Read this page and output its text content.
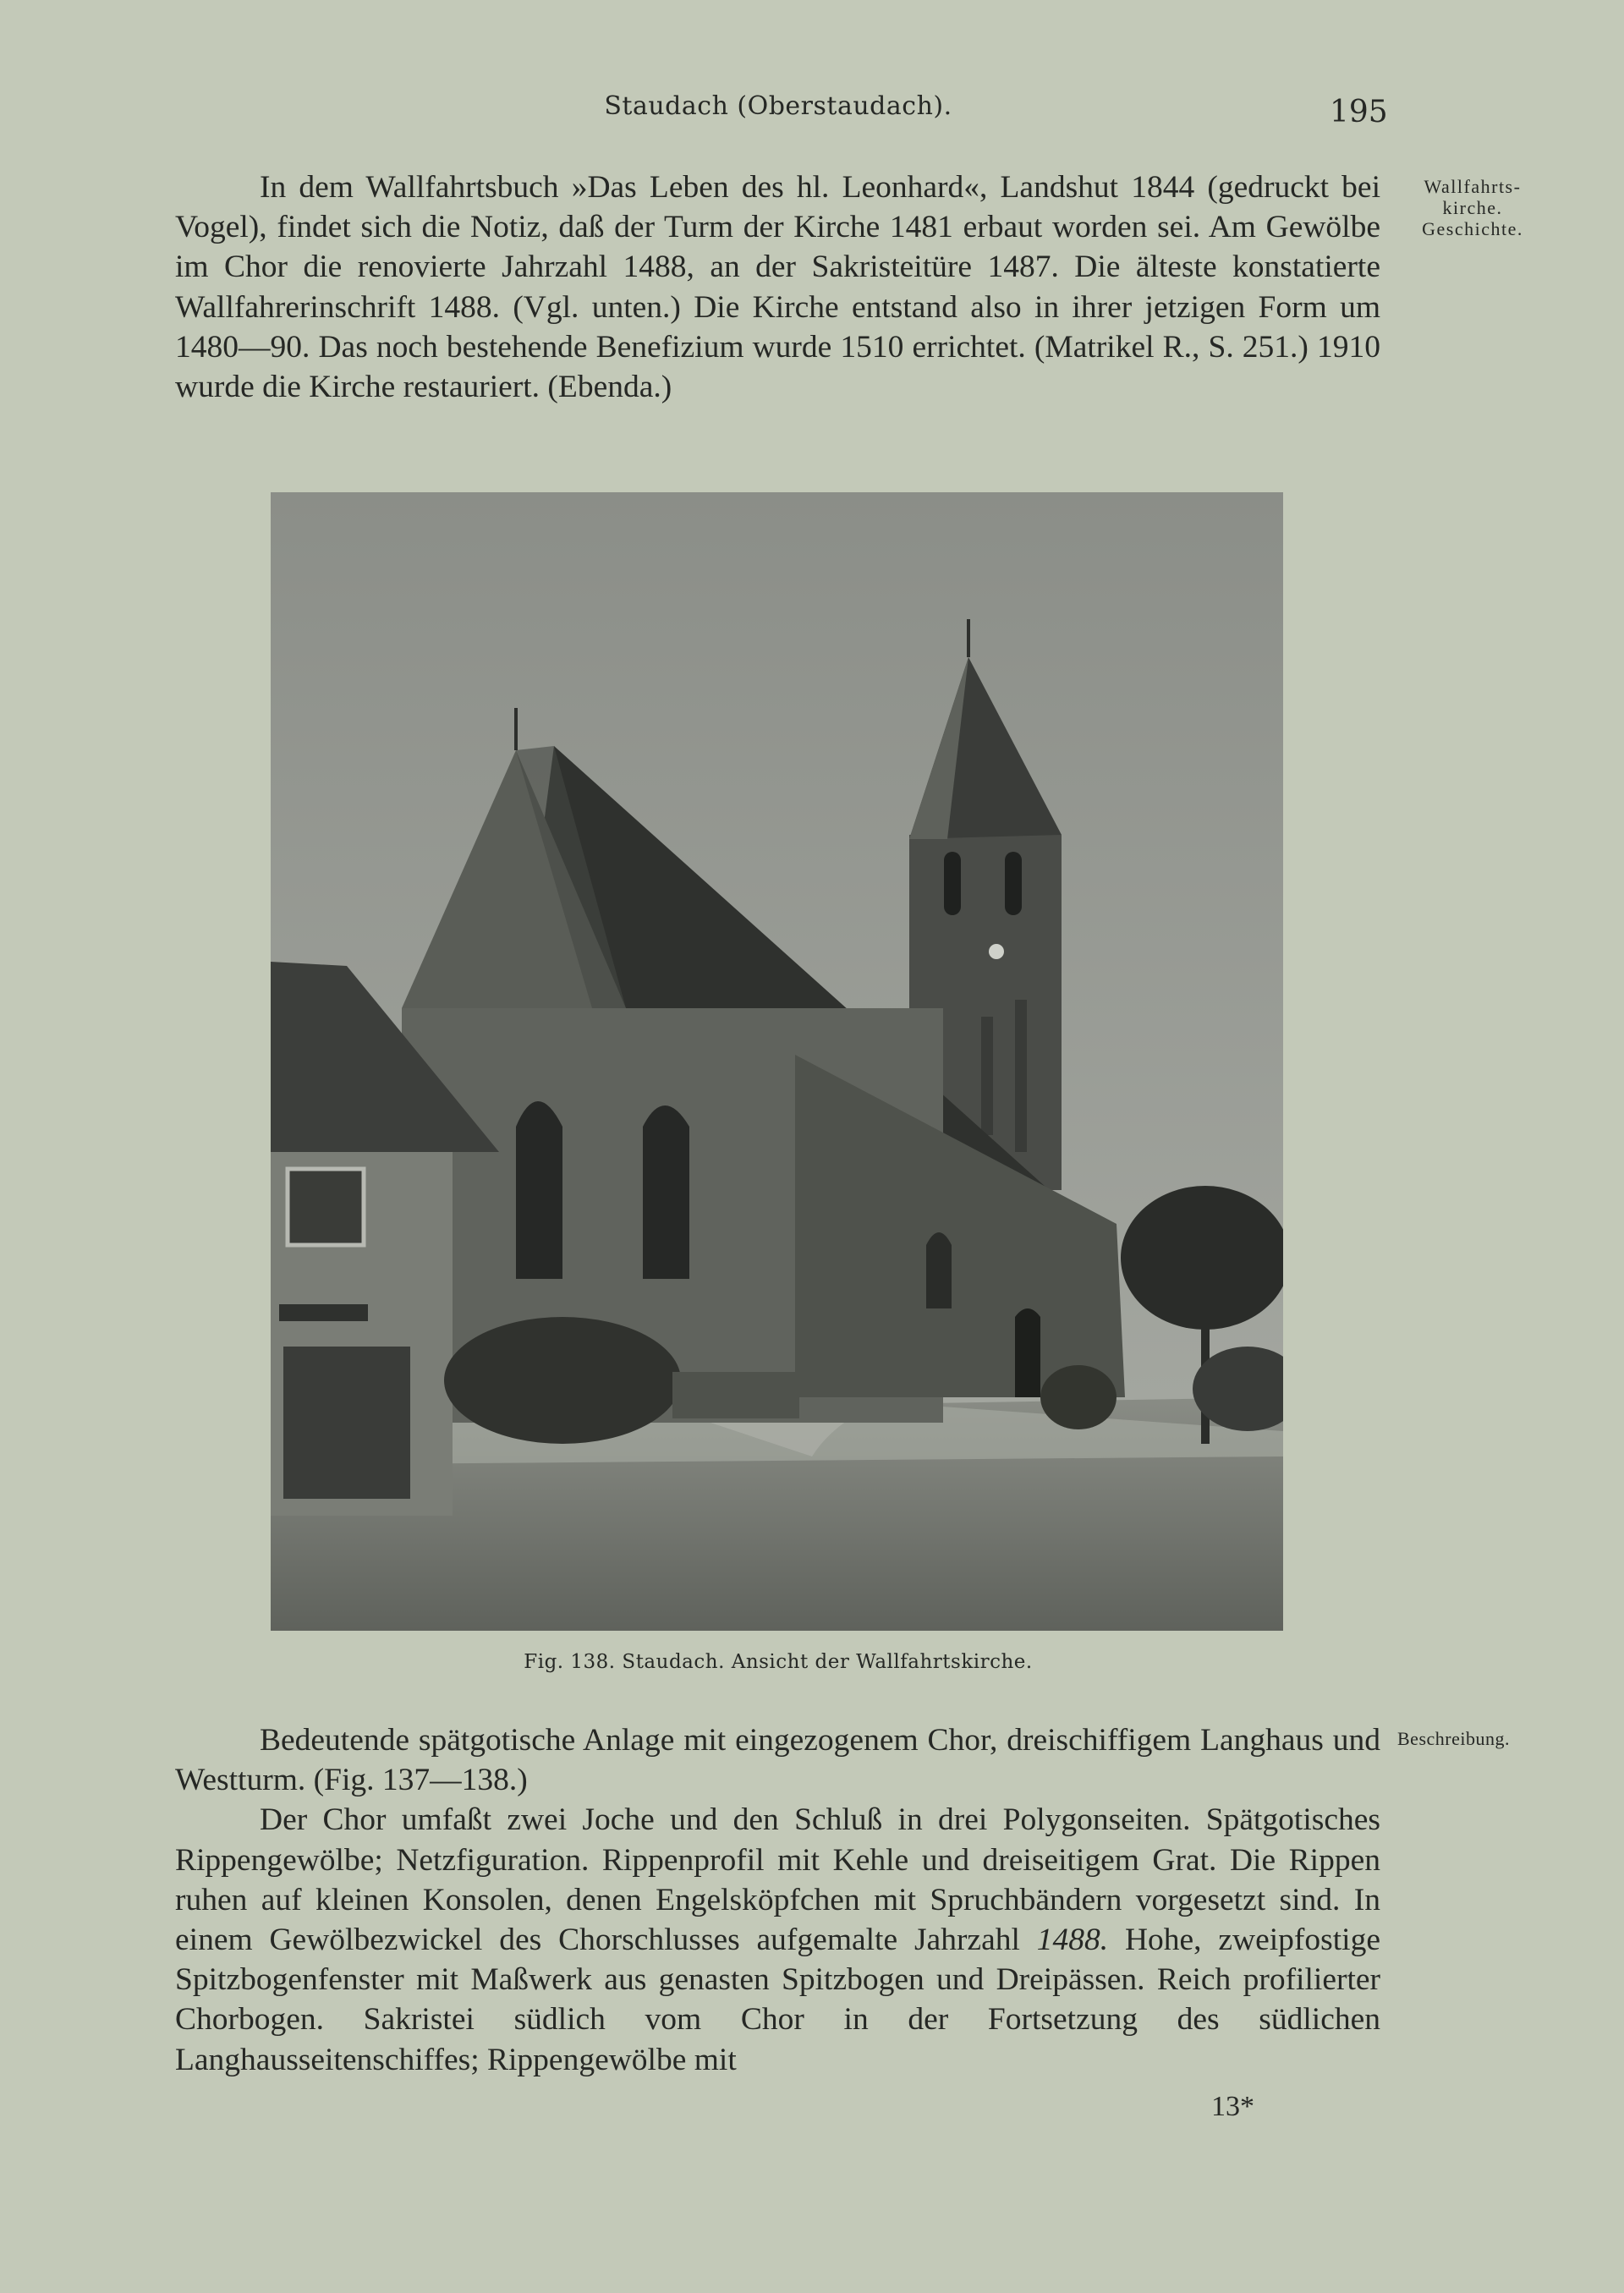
Staudach (Oberstaudach).	195

In dem Wallfahrtsbuch »Das Leben des hl. Leonhard«, Landshut 1844 (gedruckt bei Vogel), findet sich die Notiz, daß der Turm der Kirche 1481 erbaut worden sei. Am Gewölbe im Chor die renovierte Jahrzahl 1488, an der Sakristeitüre 1487. Die älteste konstatierte Wallfahrerinschrift 1488. (Vgl. unten.) Die Kirche entstand also in ihrer jetzigen Form um 1480—90. Das noch bestehende Benefizium wurde 1510 errichtet. (Matrikel R., S. 251.) 1910 wurde die Kirche restauriert. (Ebenda.)

Wallfahrts-
kirche.
Geschichte.
Fig. 138. Staudach. Ansicht der Wallfahrtskirche.

Bedeutende spätgotische Anlage mit eingezogenem Chor, dreischiffigem Langhaus und Westturm. (Fig. 137—138.)

Der Chor umfaßt zwei Joche und den Schluß in drei Polygonseiten. Spätgotisches Rippengewölbe; Netzfiguration. Rippenprofil mit Kehle und dreiseitigem Grat. Die Rippen ruhen auf kleinen Konsolen, denen Engelsköpfchen mit Spruchbändern vorgesetzt sind. In einem Gewölbezwickel des Chorschlusses aufgemalte Jahrzahl 1488. Hohe, zweipfostige Spitzbogenfenster mit Maßwerk aus genasten Spitzbogen und Dreipässen. Reich profilierter Chorbogen. Sakristei südlich vom Chor in der Fortsetzung des südlichen Langhausseitenschiffes; Rippengewölbe mit

Beschreibung.
13*
